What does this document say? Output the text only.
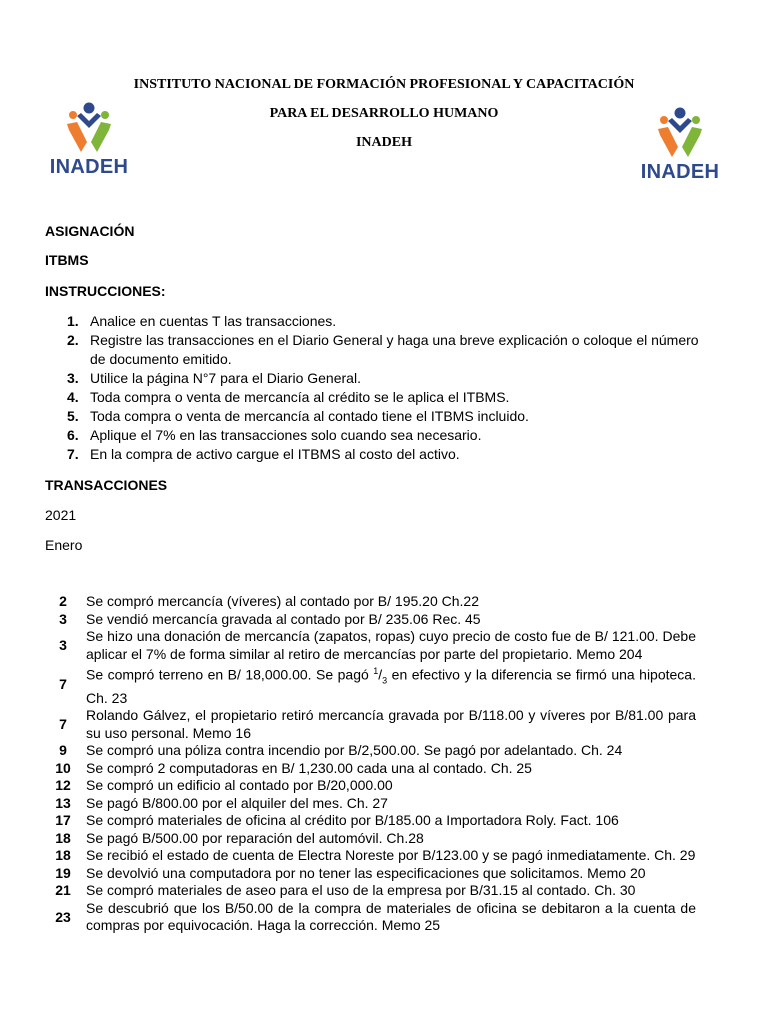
INSTITUTO NACIONAL DE FORMACIÓN PROFESIONAL Y CAPACITACIÓN
PARA EL DESARROLLO HUMANO
INADEH
INADEH	INADEH
ASIGNACIÓN
ITBMS
INSTRUCCIONES:
1. Analice en cuentas T las transacciones.
2. Registre las transacciones en el Diario General y haga una breve explicación o coloque el número de documento emitido.
3. Utilice la página N°7 para el Diario General.
4. Toda compra o venta de mercancía al crédito se le aplica el ITBMS.
5. Toda compra o venta de mercancía al contado tiene el ITBMS incluido.
6. Aplique el 7% en las transacciones solo cuando sea necesario.
7. En la compra de activo cargue el ITBMS al costo del activo.
TRANSACCIONES
2021
Enero
2	Se compró mercancía (víveres) al contado por B/ 195.20 Ch.22
3	Se vendió mercancía gravada al contado por B/ 235.06 Rec. 45
3	Se hizo una donación de mercancía (zapatos, ropas) cuyo precio de costo fue de B/ 121.00. Debe aplicar el 7% de forma similar al retiro de mercancías por parte del propietario. Memo 204
7	Se compró terreno en B/ 18,000.00. Se pagó $^1/_3$ en efectivo y la diferencia se firmó una hipoteca. Ch. 23
7	Rolando Gálvez, el propietario retiró mercancía gravada por B/118.00 y víveres por B/81.00 para su uso personal. Memo 16
9	Se compró una póliza contra incendio por B/2,500.00. Se pagó por adelantado. Ch. 24
10	Se compró 2 computadoras en B/ 1,230.00 cada una al contado. Ch. 25
12	Se compró un edificio al contado por B/20,000.00
13	Se pagó B/800.00 por el alquiler del mes. Ch. 27
17	Se compró materiales de oficina al crédito por B/185.00 a Importadora Roly. Fact. 106
18	Se pagó B/500.00 por reparación del automóvil. Ch.28
18	Se recibió el estado de cuenta de Electra Noreste por B/123.00 y se pagó inmediatamente. Ch. 29
19	Se devolvió una computadora por no tener las especificaciones que solicitamos. Memo 20
21	Se compró materiales de aseo para el uso de la empresa por B/31.15 al contado. Ch. 30
23	Se descubrió que los B/50.00 de la compra de materiales de oficina se debitaron a la cuenta de compras por equivocación. Haga la corrección. Memo 25
